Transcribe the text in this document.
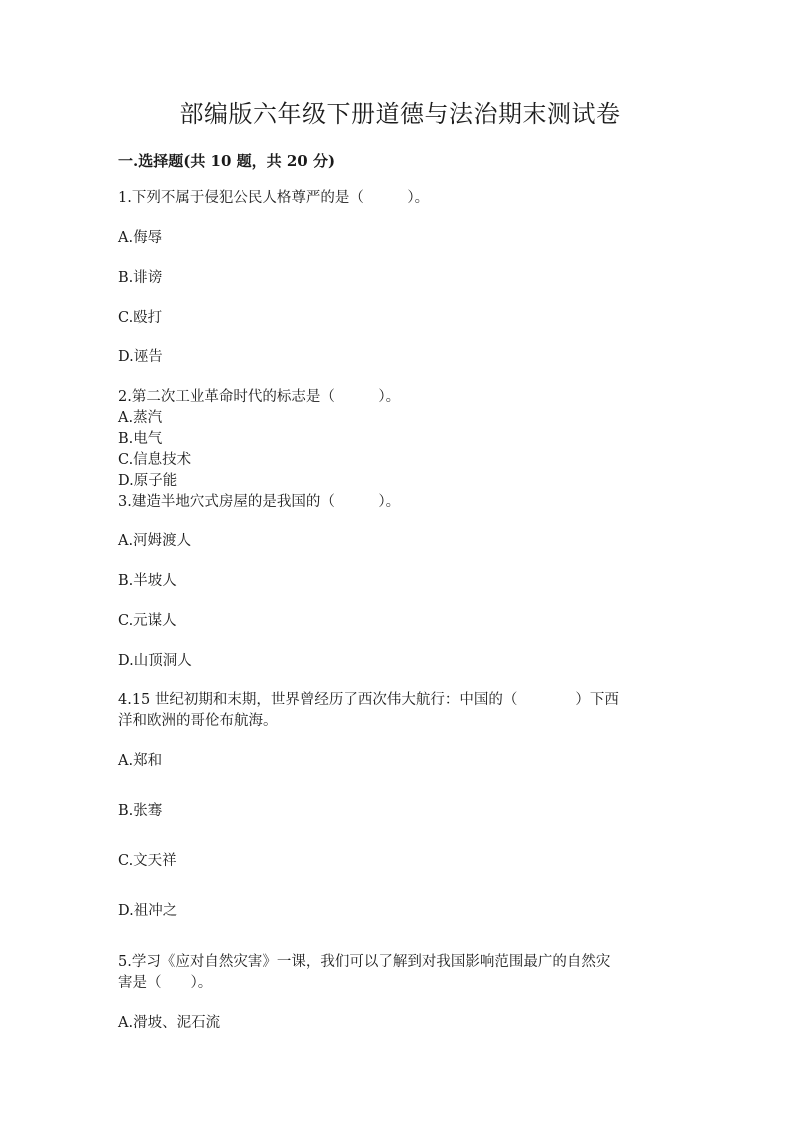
部编版六年级下册道德与法治期末测试卷
一.选择题(共 10 题，共 20 分)
1.下列不属于侵犯公民人格尊严的是（　　　）。
A.侮辱
B.诽谤
C.殴打
D.诬告
2.第二次工业革命时代的标志是（　　　）。
A.蒸汽
B.电气
C.信息技术
D.原子能
3.建造半地穴式房屋的是我国的（　　　）。
A.河姆渡人
B.半坡人
C.元谋人
D.山顶洞人
4.15 世纪初期和末期，世界曾经历了西次伟大航行：中国的（　　　　）下西
洋和欧洲的哥伦布航海。
A.郑和
B.张骞
C.文天祥
D.祖冲之
5.学习《应对自然灾害》一课，我们可以了解到对我国影响范围最广的自然灾
害是（　　）。
A.滑坡、泥石流
